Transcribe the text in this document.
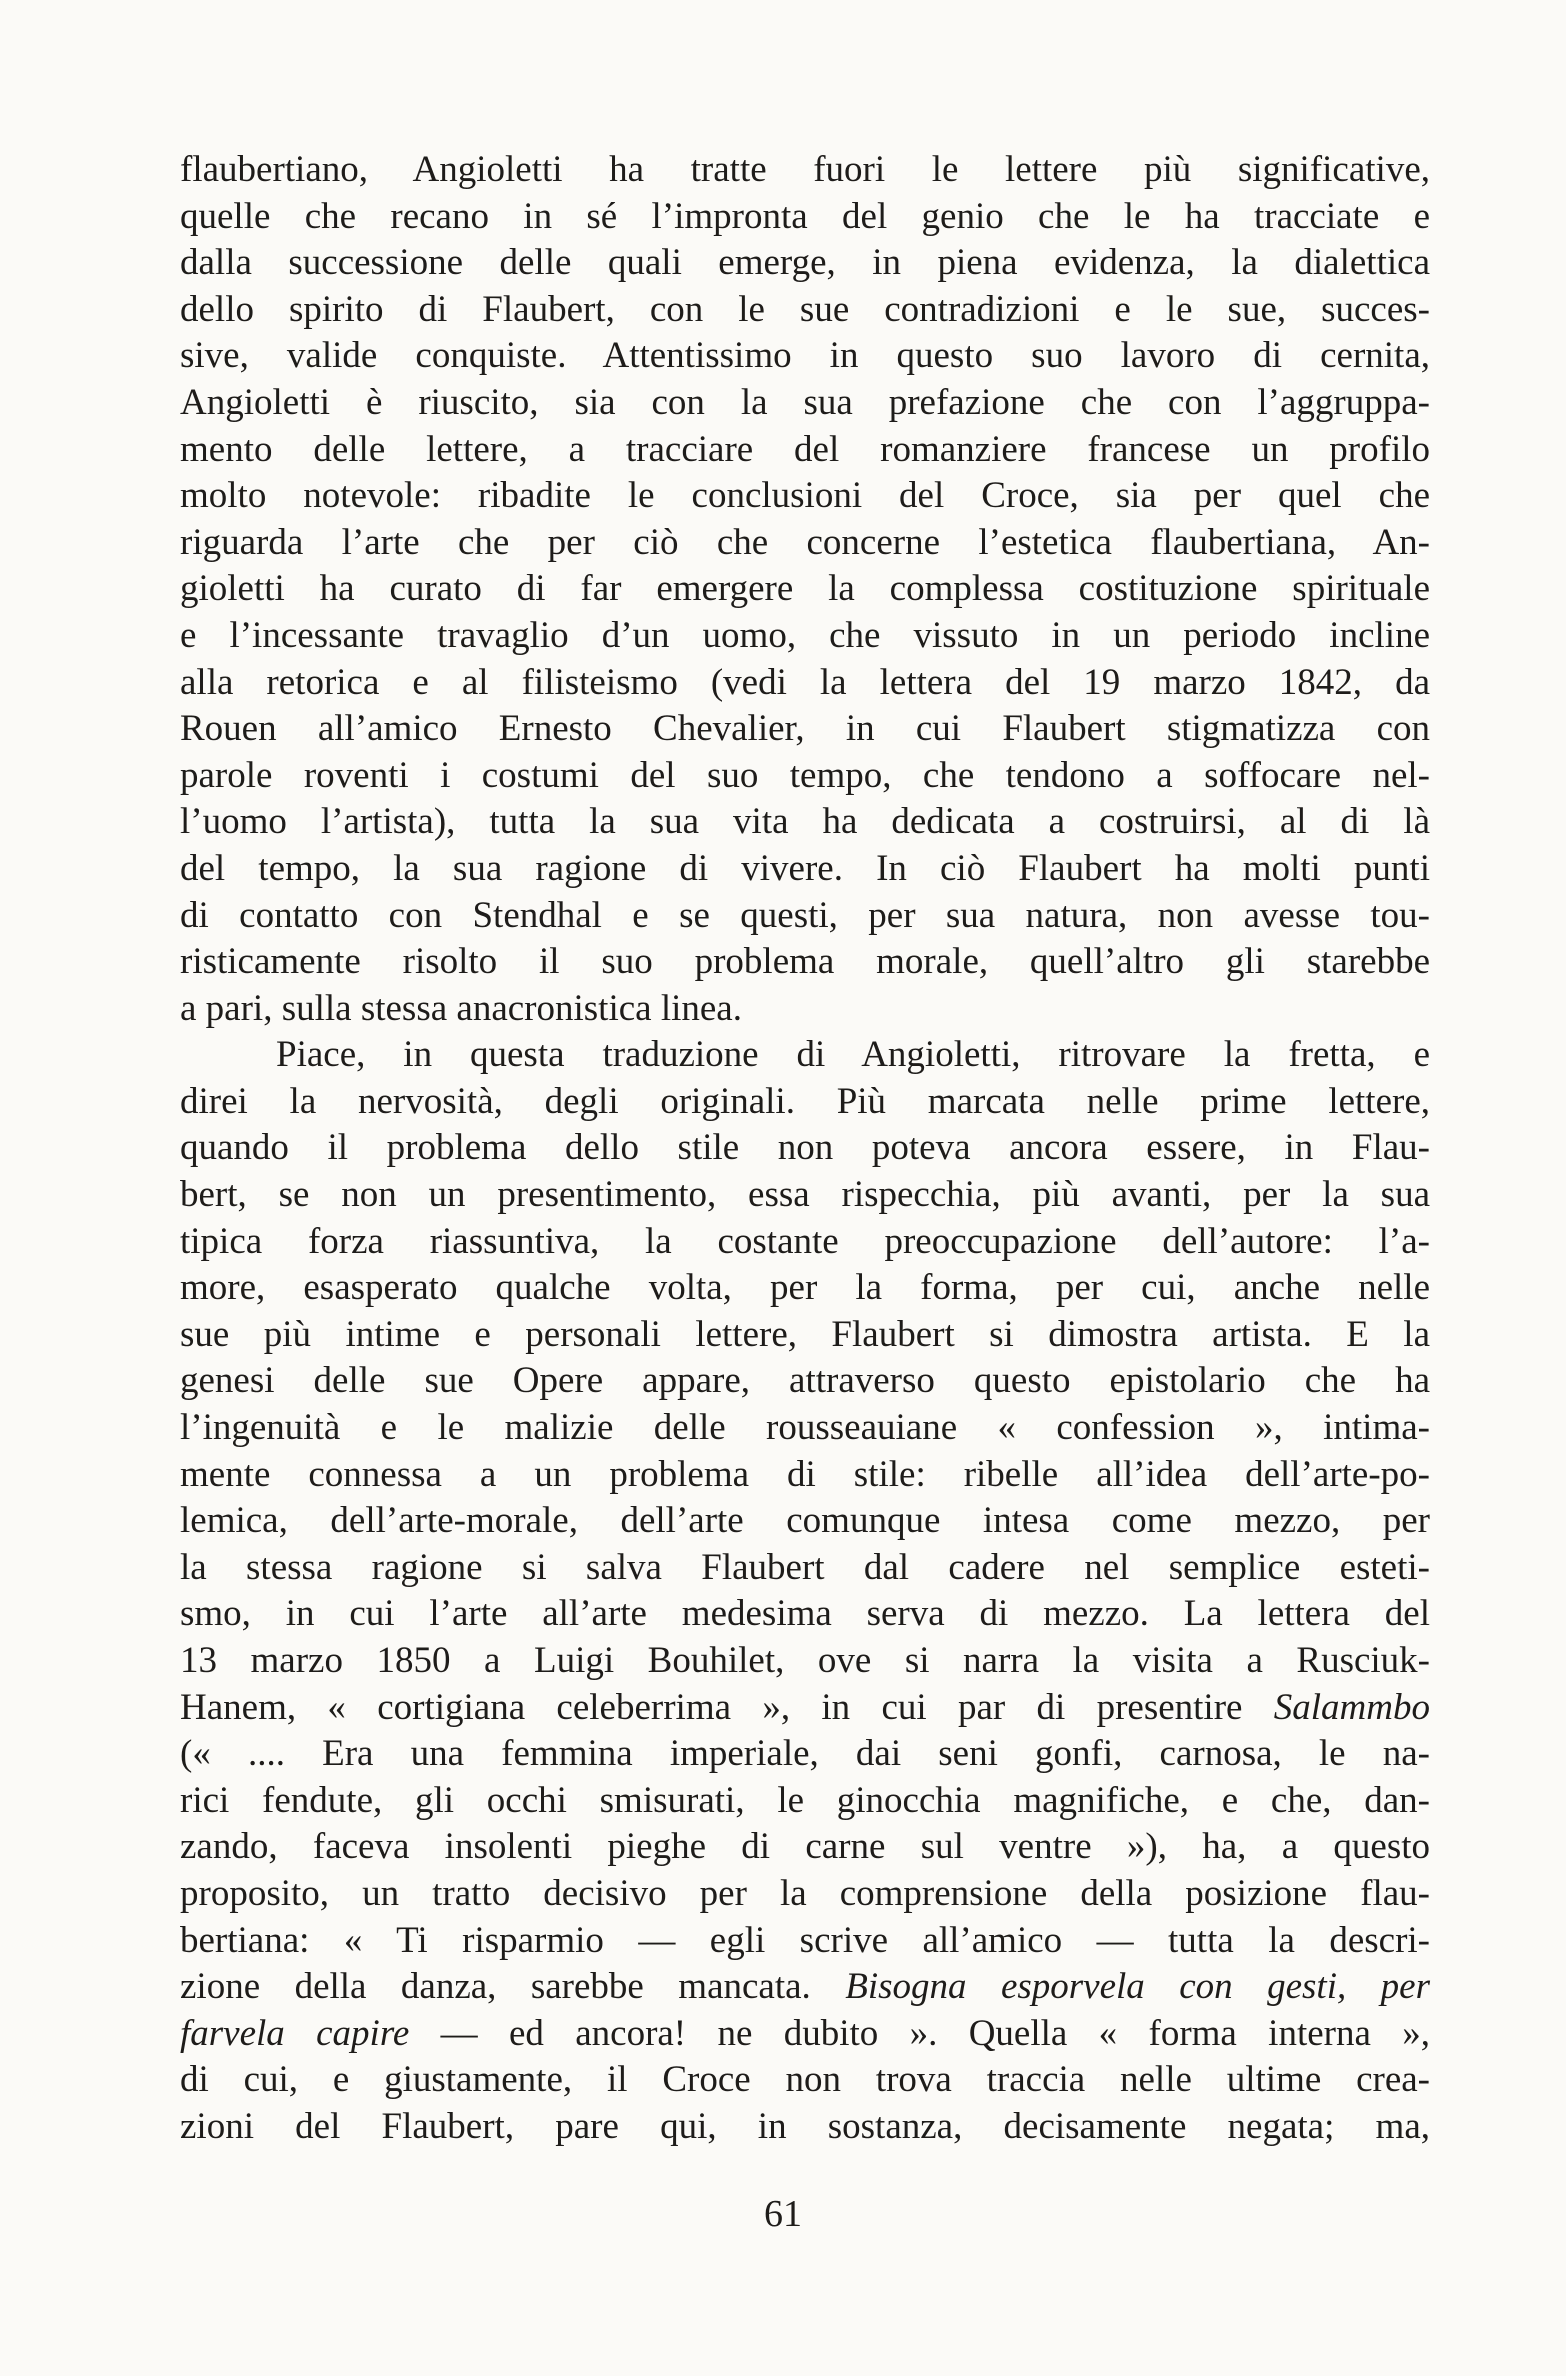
flaubertiano, Angioletti ha tratte fuori le lettere più significative,
quelle che recano in sé l’impronta del genio che le ha tracciate e
dalla successione delle quali emerge, in piena evidenza, la dialettica
dello spirito di Flaubert, con le sue contradizioni e le sue, succes-
sive, valide conquiste. Attentissimo in questo suo lavoro di cernita,
Angioletti è riuscito, sia con la sua prefazione che con l’aggruppa-
mento delle lettere, a tracciare del romanziere francese un profilo
molto notevole: ribadite le conclusioni del Croce, sia per quel che
riguarda l’arte che per ciò che concerne l’estetica flaubertiana, An-
gioletti ha curato di far emergere la complessa costituzione spirituale
e l’incessante travaglio d’un uomo, che vissuto in un periodo incline
alla retorica e al filisteismo (vedi la lettera del 19 marzo 1842, da
Rouen all’amico Ernesto Chevalier, in cui Flaubert stigmatizza con
parole roventi i costumi del suo tempo, che tendono a soffocare nel-
l’uomo l’artista), tutta la sua vita ha dedicata a costruirsi, al di là
del tempo, la sua ragione di vivere. In ciò Flaubert ha molti punti
di contatto con Stendhal e se questi, per sua natura, non avesse tou-
risticamente risolto il suo problema morale, quell’altro gli starebbe
a pari, sulla stessa anacronistica linea.
Piace, in questa traduzione di Angioletti, ritrovare la fretta, e
direi la nervosità, degli originali. Più marcata nelle prime lettere,
quando il problema dello stile non poteva ancora essere, in Flau-
bert, se non un presentimento, essa rispecchia, più avanti, per la sua
tipica forza riassuntiva, la costante preoccupazione dell’autore: l’a-
more, esasperato qualche volta, per la forma, per cui, anche nelle
sue più intime e personali lettere, Flaubert si dimostra artista. E la
genesi delle sue Opere appare, attraverso questo epistolario che ha
l’ingenuità e le malizie delle rousseauiane « confession », intima-
mente connessa a un problema di stile: ribelle all’idea dell’arte-po-
lemica, dell’arte-morale, dell’arte comunque intesa come mezzo, per
la stessa ragione si salva Flaubert dal cadere nel semplice esteti-
smo, in cui l’arte all’arte medesima serva di mezzo. La lettera del
13 marzo 1850 a Luigi Bouhilet, ove si narra la visita a Rusciuk-
Hanem, « cortigiana celeberrima », in cui par di presentire Salammbo
(« .... Era una femmina imperiale, dai seni gonfi, carnosa, le na-
rici fendute, gli occhi smisurati, le ginocchia magnifiche, e che, dan-
zando, faceva insolenti pieghe di carne sul ventre »), ha, a questo
proposito, un tratto decisivo per la comprensione della posizione flau-
bertiana: « Ti risparmio — egli scrive all’amico — tutta la descri-
zione della danza, sarebbe mancata. Bisogna esporvela con gesti, per
farvela capire — ed ancora! ne dubito ». Quella « forma interna »,
di cui, e giustamente, il Croce non trova traccia nelle ultime crea-
zioni del Flaubert, pare qui, in sostanza, decisamente negata; ma,
61
